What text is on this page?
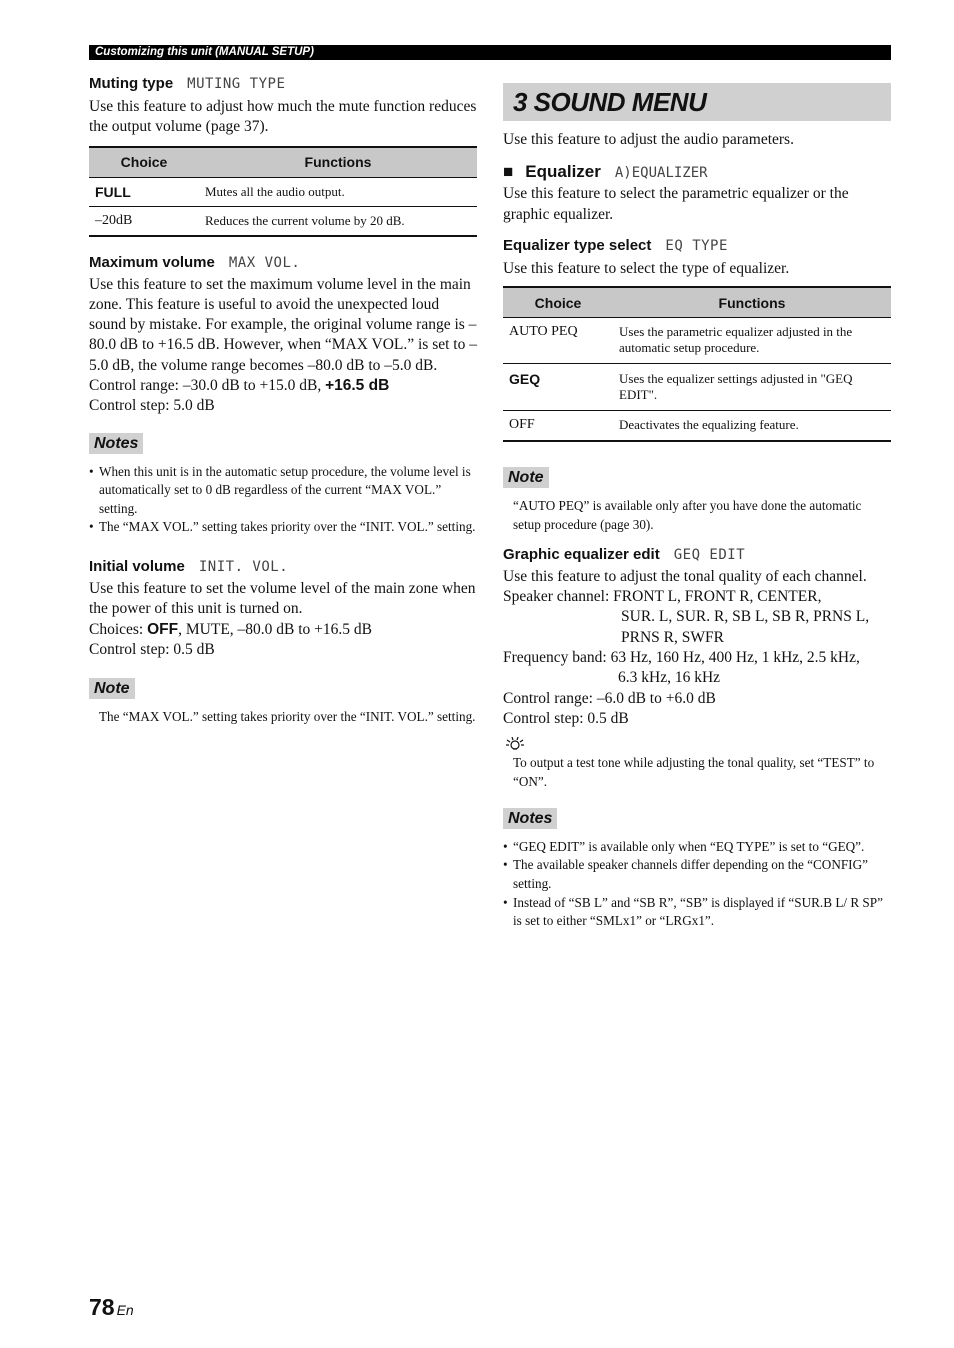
Customizing this unit (MANUAL SETUP)

Muting type MUTING TYPE

Use this feature to adjust how much the mute function reduces the output volume (page 37).

Choice	Functions
FULL	Mutes all the audio output.
–20dB	Reduces the current volume by 20 dB.

Maximum volume MAX VOL.

Use this feature to set the maximum volume level in the main zone. This feature is useful to avoid the unexpected loud sound by mistake. For example, the original volume range is –80.0 dB to +16.5 dB. However, when “MAX VOL.” is set to –5.0 dB, the volume range becomes –80.0 dB to –5.0 dB.

Control range: –30.0 dB to +15.0 dB, +16.5 dB

Control step: 5.0 dB

Notes
• When this unit is in the automatic setup procedure, the volume level is automatically set to 0 dB regardless of the current “MAX VOL.” setting.
• The “MAX VOL.” setting takes priority over the “INIT. VOL.” setting.

Initial volume INIT. VOL.

Use this feature to set the volume level of the main zone when the power of this unit is turned on.

Choices: OFF, MUTE, –80.0 dB to +16.5 dB

Control step: 0.5 dB

Note

The “MAX VOL.” setting takes priority over the “INIT. VOL.” setting.

3 SOUND MENU

Use this feature to adjust the audio parameters.

■ Equalizer A)EQUALIZER

Use this feature to select the parametric equalizer or the graphic equalizer.

Equalizer type select EQ TYPE

Use this feature to select the type of equalizer.

Choice	Functions
AUTO PEQ	Uses the parametric equalizer adjusted in the automatic setup procedure.
GEQ	Uses the equalizer settings adjusted in "GEQ EDIT".
OFF	Deactivates the equalizing feature.
Note

“AUTO PEQ” is available only after you have done the automatic setup procedure (page 30).

Graphic equalizer edit GEQ EDIT

Use this feature to adjust the tonal quality of each channel.

Speaker channel: FRONT L, FRONT R, CENTER,

SUR. L, SUR. R, SB L, SB R, PRNS L,

PRNS R, SWFR

Frequency band: 63 Hz, 160 Hz, 400 Hz, 1 kHz, 2.5 kHz,

6.3 kHz, 16 kHz

Control range: –6.0 dB to +6.0 dB

Control step: 0.5 dB

To output a test tone while adjusting the tonal quality, set “TEST” to “ON”.

Notes
• “GEQ EDIT” is available only when “EQ TYPE” is set to “GEQ”.
• The available speaker channels differ depending on the “CONFIG” setting.
• Instead of “SB L” and “SB R”, “SB” is displayed if “SUR.B L/ R SP” is set to either “SMLx1” or “LRGx1”.
78 En
